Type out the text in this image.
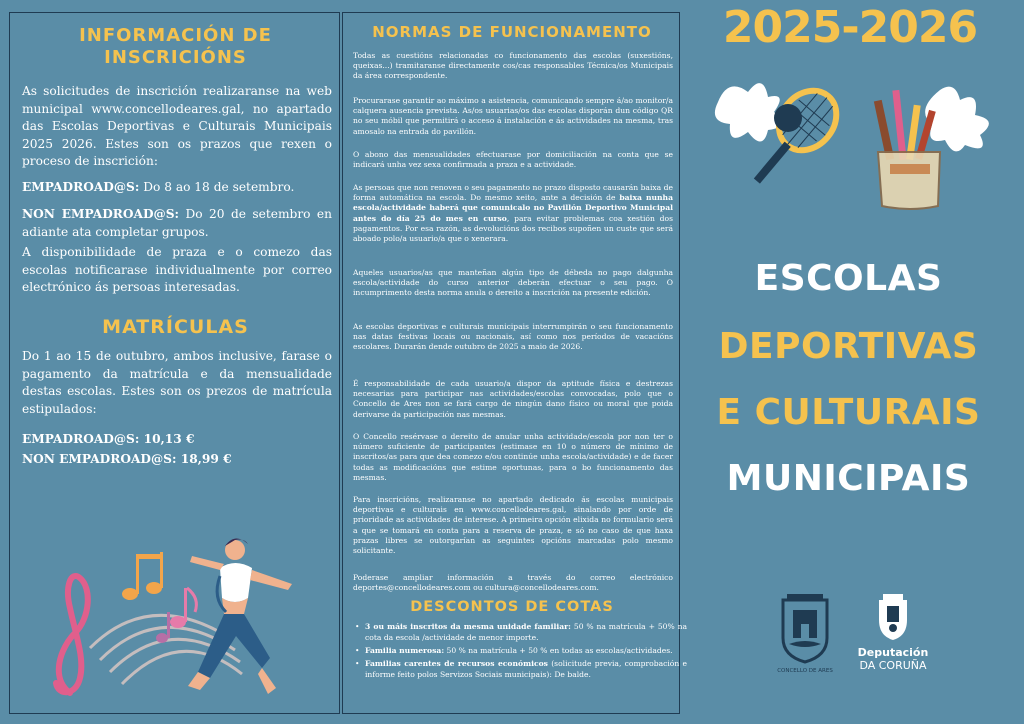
INFORMACIÓN DE INSCRICIÓNS
As solicitudes de inscrición realizaranse na web municipal www.concellodeares.gal, no apartado das Escolas Deportivas e Culturais Municipais 2025 2026. Estes son os prazos que rexen o proceso de inscrición:
EMPADROAD@S: Do 8 ao 18 de setembro.
NON EMPADROAD@S: Do 20 de setembro en adiante ata completar grupos.
A disponibilidade de praza e o comezo das escolas notificarase individualmente por correo electrónico ás persoas interesadas.
MATRÍCULAS
Do 1 ao 15 de outubro, ambos inclusive, farase o pagamento da matrícula e da mensualidade destas escolas. Estes son os prezos de matrícula estipulados:
EMPADROAD@S: 10,13 €
NON EMPADROAD@S: 18,99 €
NORMAS DE FUNCIONAMENTO
Todas as cuestións relacionadas co funcionamento das escolas (suxestións, queixas...) tramitaranse directamente cos/cas responsables Técnica/os Municipais da área correspondente.
Procurarase garantir ao máximo a asistencia, comunicando sempre á/ao monitor/a calquera ausencia prevista. As/os usuarias/os das escolas disporán dun código QR no seu móbil que permitirá o acceso á instalación e ás actividades na mesma, tras amosalo na entrada do pavillón.
O abono das mensualidades efectuarase por domiciliación na conta que se indicará unha vez sexa confirmada a praza e a actividade.
As persoas que non renoven o seu pagamento no prazo disposto causarán baixa de forma automática na escola. Do mesmo xeito, ante a decisión de baixa nunha escola/actividade haberá que comunicalo no Pavillón Deportivo Municipal antes do día 25 do mes en curso, para evitar problemas coa xestión dos pagamentos. Por esa razón, as devolucións dos recibos supoñen un custe que será aboado polo/a usuario/a que o xenerara.
Aqueles usuarios/as que manteñan algún tipo de débeda no pago dalgunha escola/actividade do curso anterior deberán efectuar o seu pago. O incumprimento desta norma anula o dereito a inscrición na presente edición.
As escolas deportivas e culturais municipais interrumpirán o seu funcionamento nas datas festivas locais ou nacionais, así como nos períodos de vacacións escolares. Durarán dende outubro de 2025 a maio de 2026.
É responsabilidade de cada usuario/a dispor da aptitude física e destrezas necesarias para participar nas actividades/escolas convocadas, polo que o Concello de Ares non se fará cargo de ningún dano físico ou moral que poida derivarse da participación nas mesmas.
O Concello resérvase o dereito de anular unha actividade/escola por non ter o número suficiente de participantes (estimase en 10 o número de mínimo de inscritos/as para que dea comezo e/ou continúe unha escola/actividade) e de facer todas as modificacións que estime oportunas, para o bo funcionamento das mesmas.
Para inscricións, realizaranse no apartado dedicado ás escolas municipais deportivas e culturais en www.concellodeares.gal, sinalando por orde de prioridade as actividades de interese. A primeira opción elixida no formulario será a que se tomará en conta para a reserva de praza, e só no caso de que haxa prazas libres se outorgarían as seguintes opcións marcadas polo mesmo solicitante.
Poderase ampliar información a través do correo electrónico deportes@concellodeares.com ou cultura@concellodeares.com.
DESCONTOS DE COTAS
• 3 ou máis inscritos da mesma unidade familiar: 50 % na matrícula + 50% na cota da escola /actividade de menor importe.
• Familia numerosa: 50 % na matrícula + 50 % en todas as escolas/actividades.
• Familias carentes de recursos económicos (solicitude previa, comprobación e informe feito polos Servizos Sociais municipais): De balde.
2025-2026
ESCOLAS
DEPORTIVAS
E CULTURAIS
MUNICIPAIS
CONCELLO DE ARES
Deputación
DA CORUÑA
